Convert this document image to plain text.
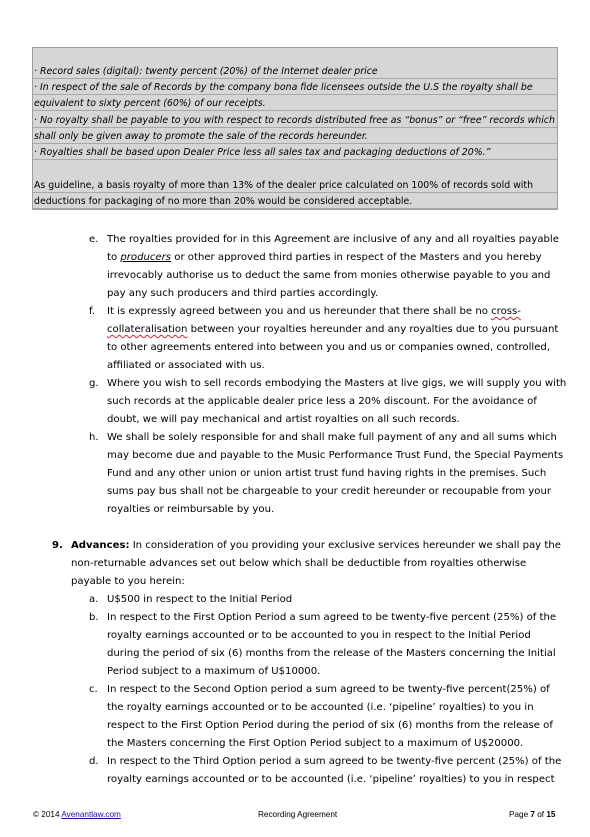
· Record sales (digital): twenty percent (20%) of the Internet dealer price
· In respect of the sale of Records by the company bona fide licensees outside the U.S the royalty shall be
equivalent to sixty percent (60%) of our receipts.
· No royalty shall be payable to you with respect to records distributed free as “bonus” or “free” records which
shall only be given away to promote the sale of the records hereunder.
· Royalties shall be based upon Dealer Price less all sales tax and packaging deductions of 20%.”
As guideline, a basis royalty of more than 13% of the dealer price calculated on 100% of records sold with
deductions for packaging of no more than 20% would be considered acceptable.
e. The royalties provided for in this Agreement are inclusive of any and all royalties payable
to producers or other approved third parties in respect of the Masters and you hereby
irrevocably authorise us to deduct the same from monies otherwise payable to you and
pay any such producers and third parties accordingly.
f. It is expressly agreed between you and us hereunder that there shall be no cross-
collateralisation between your royalties hereunder and any royalties due to you pursuant
to other agreements entered into between you and us or companies owned, controlled,
affiliated or associated with us.
g. Where you wish to sell records embodying the Masters at live gigs, we will supply you with
such records at the applicable dealer price less a 20% discount. For the avoidance of
doubt, we will pay mechanical and artist royalties on all such records.
h. We shall be solely responsible for and shall make full payment of any and all sums which
may become due and payable to the Music Performance Trust Fund, the Special Payments
Fund and any other union or union artist trust fund having rights in the premises. Such
sums pay bus shall not be chargeable to your credit hereunder or recoupable from your
royalties or reimbursable by you.
9. Advances: In consideration of you providing your exclusive services hereunder we shall pay the
non-returnable advances set out below which shall be deductible from royalties otherwise
payable to you herein:
a. U$500 in respect to the Initial Period
b. In respect to the First Option Period a sum agreed to be twenty-five percent (25%) of the
royalty earnings accounted or to be accounted to you in respect to the Initial Period
during the period of six (6) months from the release of the Masters concerning the Initial
Period subject to a maximum of U$10000.
c. In respect to the Second Option period a sum agreed to be twenty-five percent(25%) of
the royalty earnings accounted or to be accounted (i.e. ‘pipeline’ royalties) to you in
respect to the First Option Period during the period of six (6) months from the release of
the Masters concerning the First Option Period subject to a maximum of U$20000.
d. In respect to the Third Option period a sum agreed to be twenty-five percent (25%) of the
royalty earnings accounted or to be accounted (i.e. ‘pipeline’ royalties) to you in respect
© 2014 Avenantlaw.com	Recording Agreement	Page 7 of 15
